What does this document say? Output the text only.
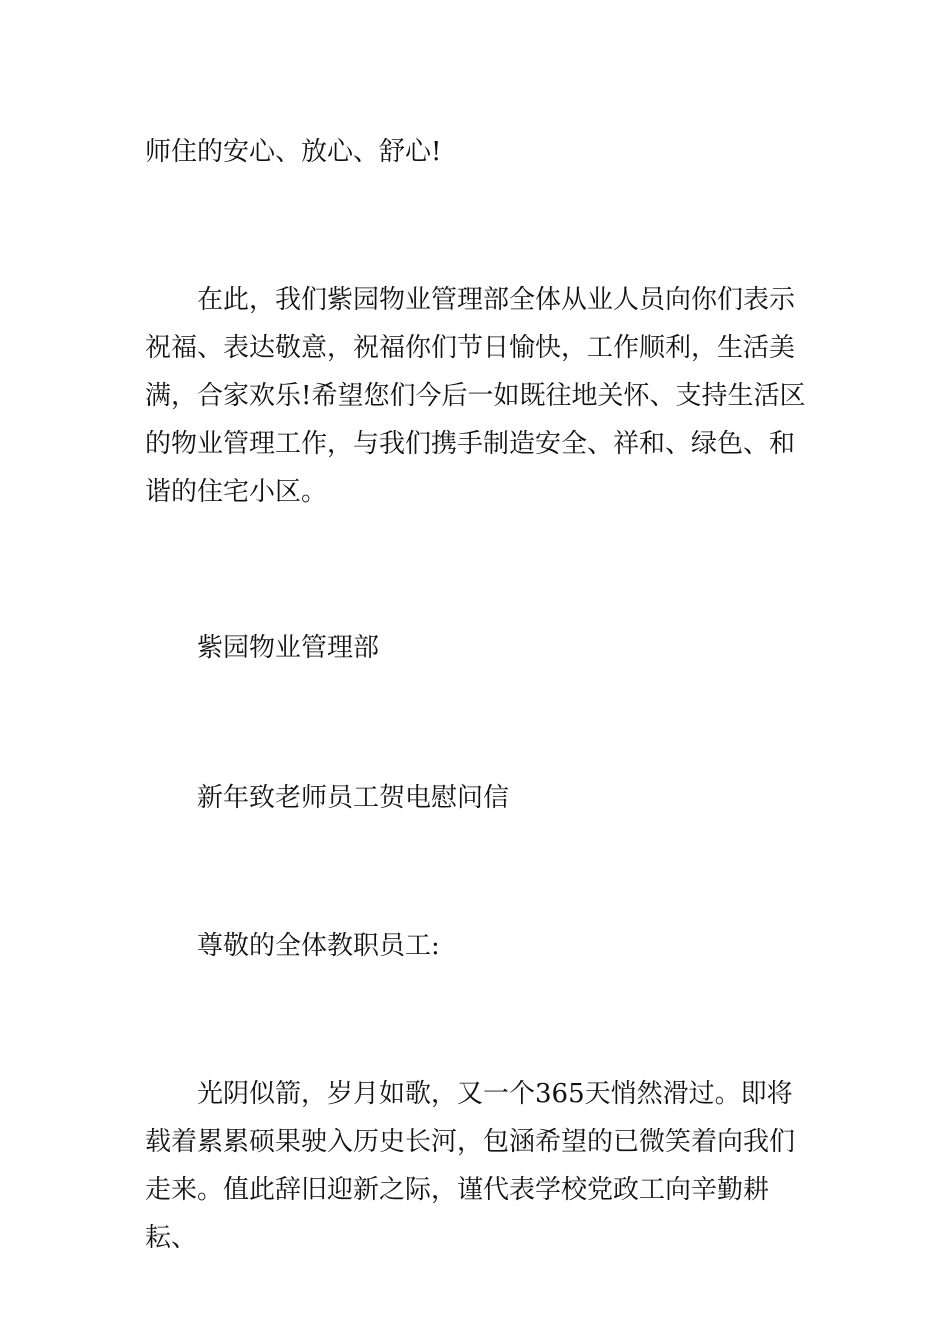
师住的安心、放心、舒心!

在此，我们紫园物业管理部全体从业人员向你们表示祝福、表达敬意，祝福你们节日愉快，工作顺利，生活美满，合家欢乐!希望您们今后一如既往地关怀、支持生活区的物业管理工作，与我们携手制造安全、祥和、绿色、和谐的住宅小区。

紫园物业管理部

新年致老师员工贺电慰问信

尊敬的全体教职员工:

光阴似箭，岁月如歌，又一个365天悄然滑过。即将载着累累硕果驶入历史长河，包涵希望的已微笑着向我们走来。值此辞旧迎新之际，谨代表学校党政工向辛勤耕耘、
